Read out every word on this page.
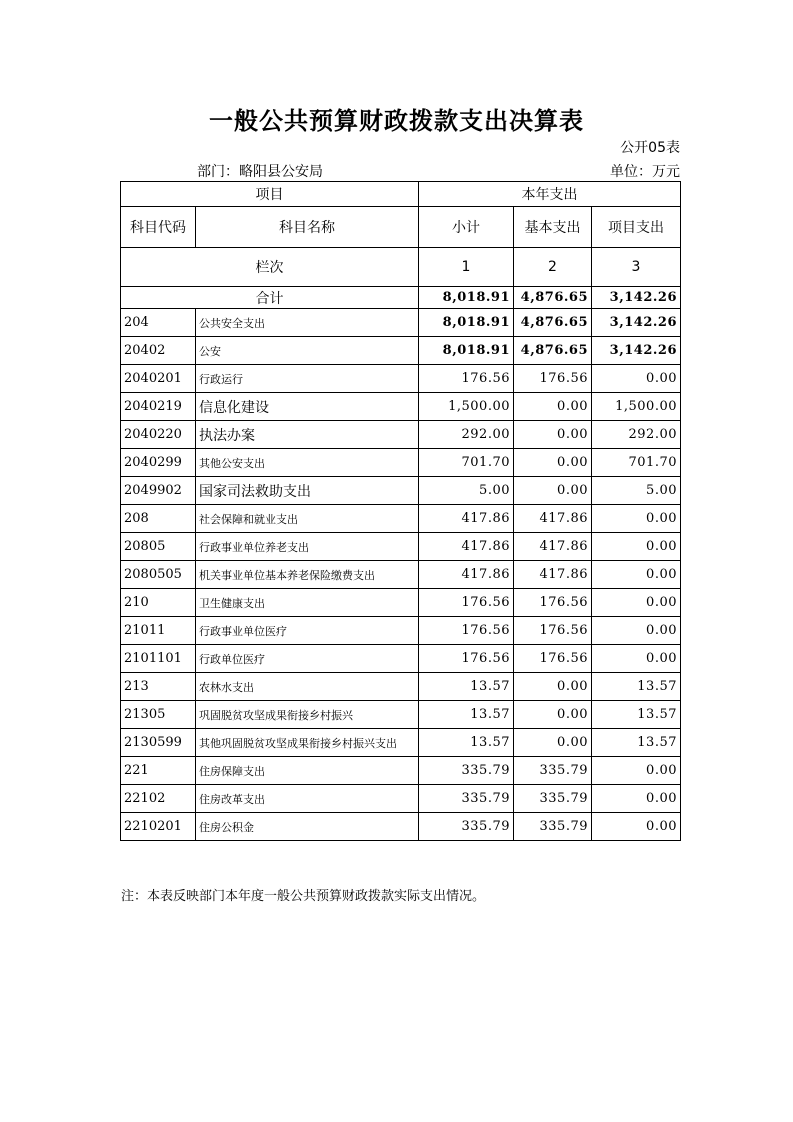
一般公共预算财政拨款支出决算表
公开05表
部门：略阳县公安局	单位：万元
项目		本年支出		
科目代码	科目名称	小计	基本支出	项目支出
栏次		1	2	3
合计		8,018.91	4,876.65	3,142.26
204	公共安全支出	8,018.91	4,876.65	3,142.26
20402	公安	8,018.91	4,876.65	3,142.26
2040201	行政运行	176.56	176.56	0.00
2040219	信息化建设	1,500.00	0.00	1,500.00
2040220	执法办案	292.00	0.00	292.00
2040299	其他公安支出	701.70	0.00	701.70
2049902	国家司法救助支出	5.00	0.00	5.00
208	社会保障和就业支出	417.86	417.86	0.00
20805	行政事业单位养老支出	417.86	417.86	0.00
2080505	机关事业单位基本养老保险缴费支出	417.86	417.86	0.00
210	卫生健康支出	176.56	176.56	0.00
21011	行政事业单位医疗	176.56	176.56	0.00
2101101	行政单位医疗	176.56	176.56	0.00
213	农林水支出	13.57	0.00	13.57
21305	巩固脱贫攻坚成果衔接乡村振兴	13.57	0.00	13.57
2130599	其他巩固脱贫攻坚成果衔接乡村振兴支出	13.57	0.00	13.57
221	住房保障支出	335.79	335.79	0.00
22102	住房改革支出	335.79	335.79	0.00
2210201	住房公积金	335.79	335.79	0.00
注：本表反映部门本年度一般公共预算财政拨款实际支出情况。
